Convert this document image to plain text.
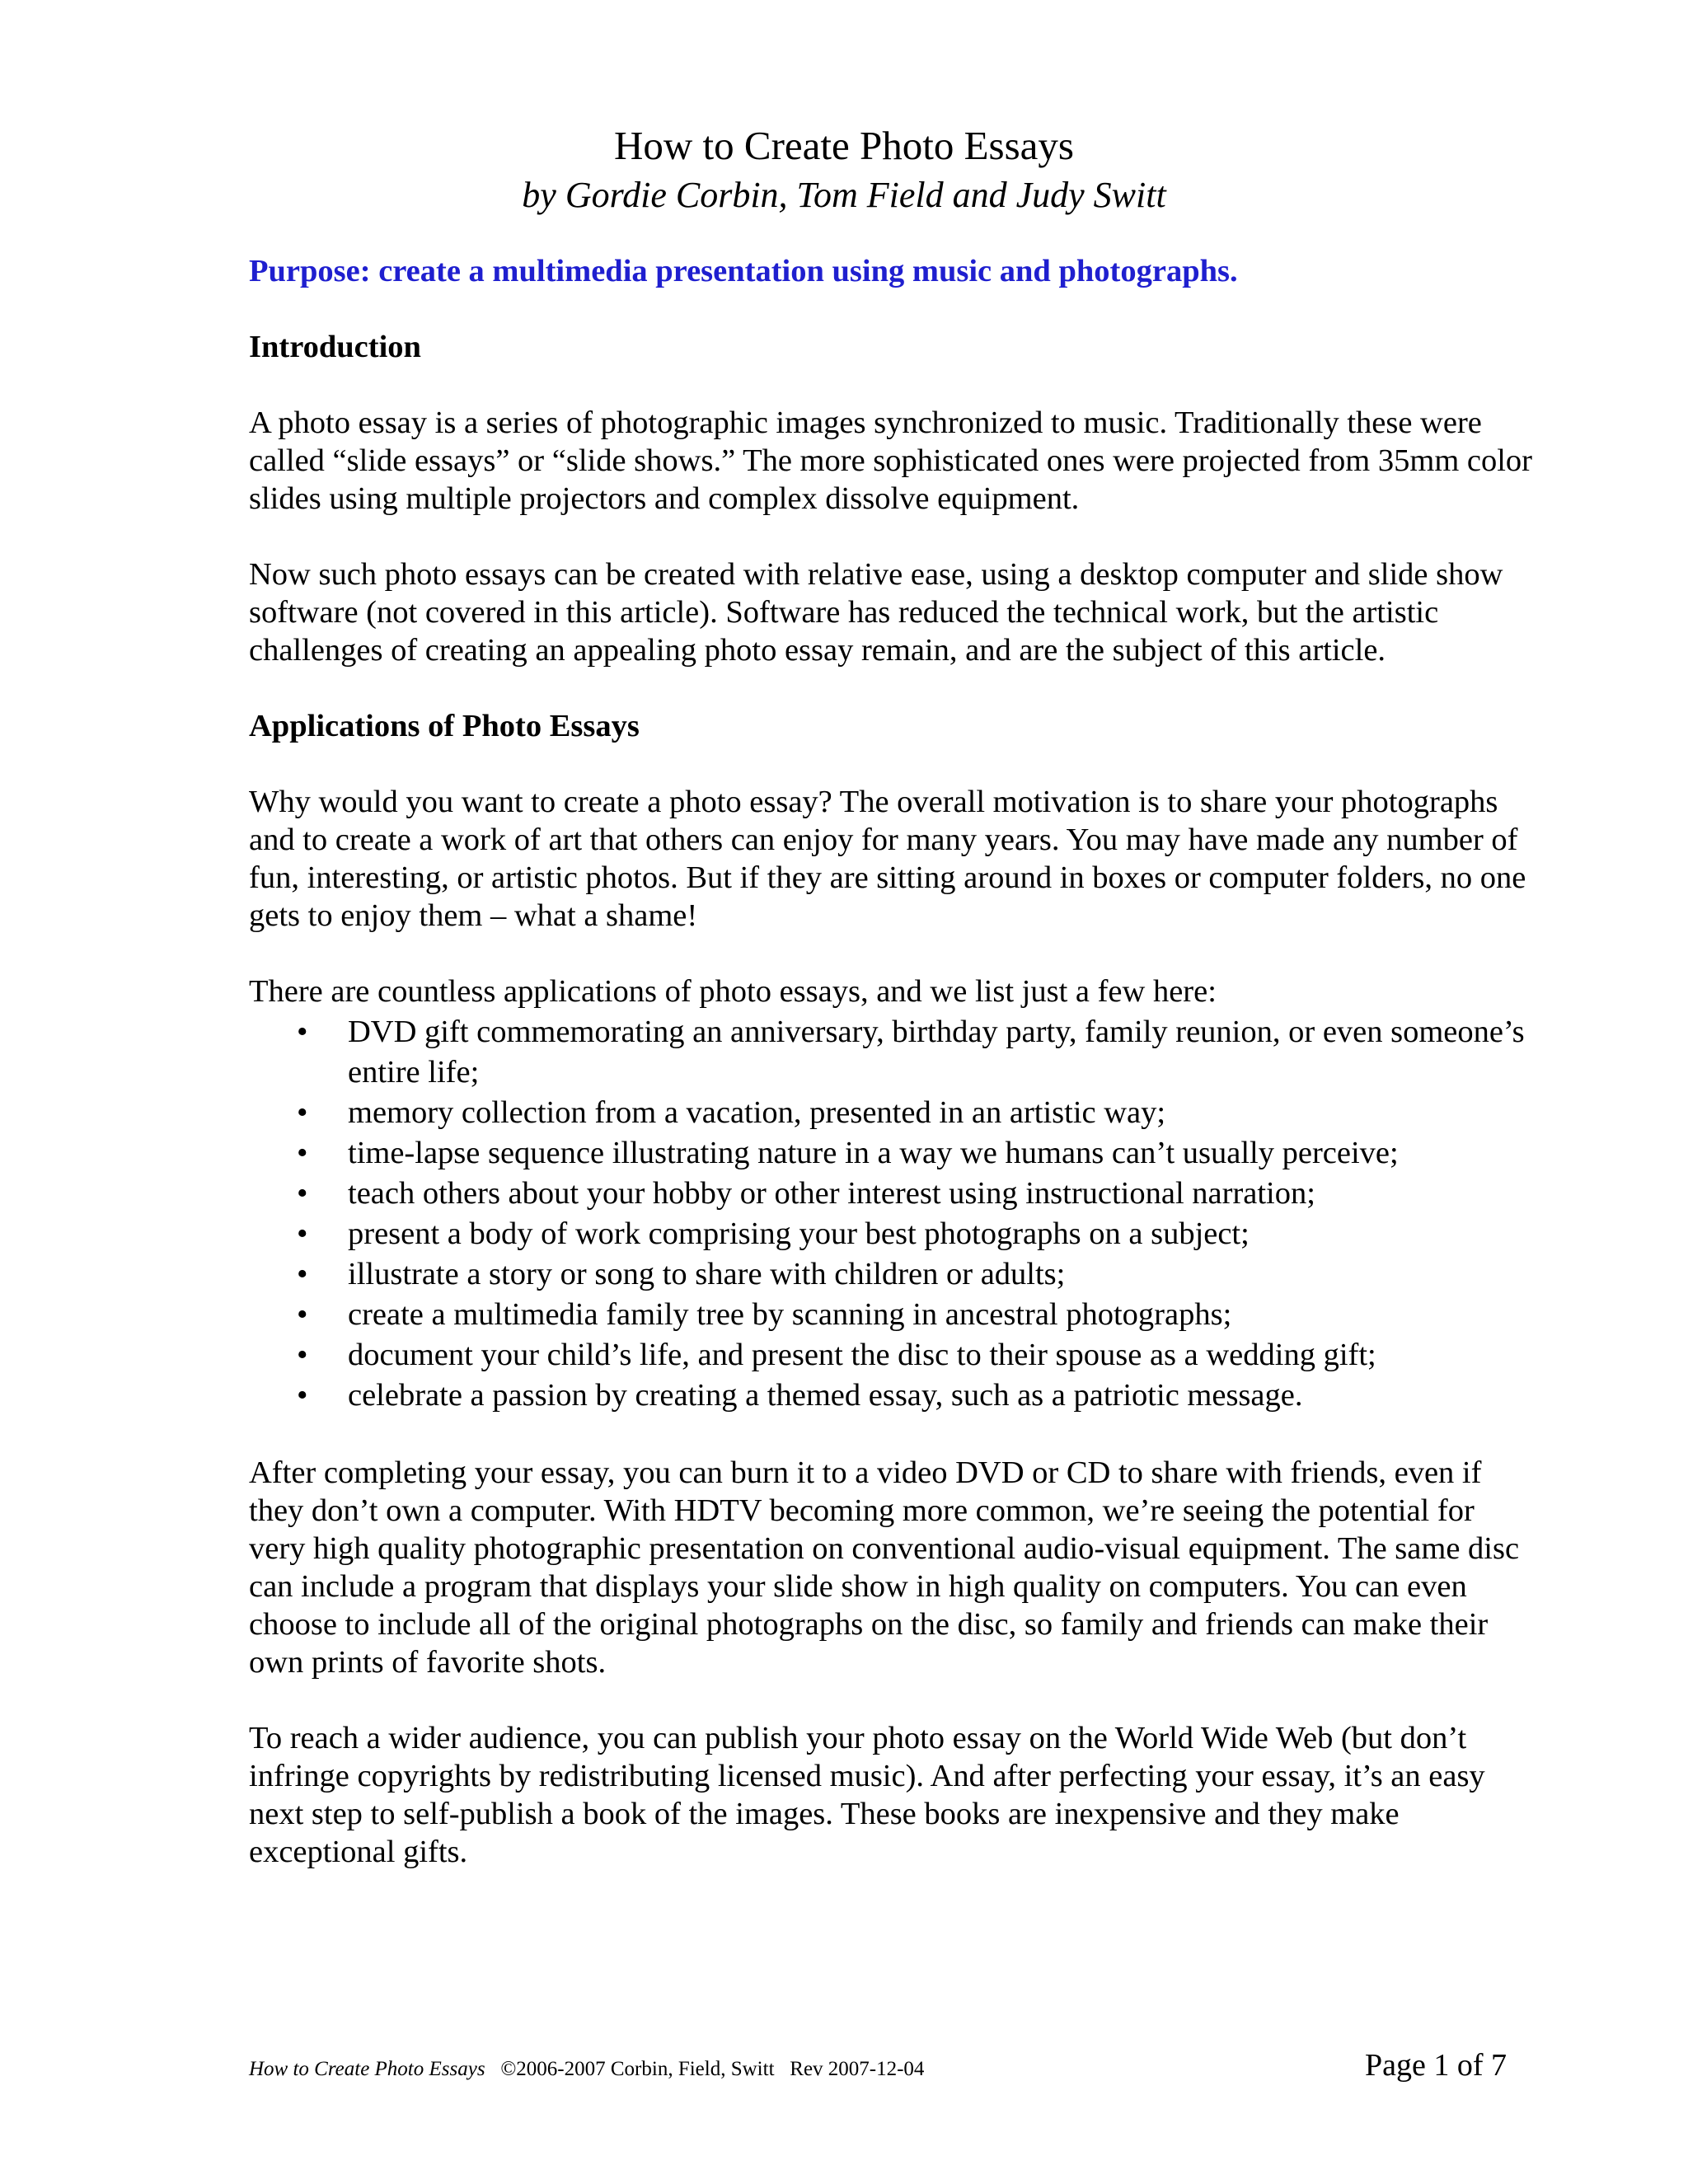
How to Create Photo Essays

by Gordie Corbin, Tom Field and Judy Switt

Purpose: create a multimedia presentation using music and photographs.

Introduction

A photo essay is a series of photographic images synchronized to music. Traditionally these were called “slide essays” or “slide shows.” The more sophisticated ones were projected from 35mm color slides using multiple projectors and complex dissolve equipment.

Now such photo essays can be created with relative ease, using a desktop computer and slide show software (not covered in this article). Software has reduced the technical work, but the artistic challenges of creating an appealing photo essay remain, and are the subject of this article.

Applications of Photo Essays

Why would you want to create a photo essay? The overall motivation is to share your photographs and to create a work of art that others can enjoy for many years. You may have made any number of fun, interesting, or artistic photos. But if they are sitting around in boxes or computer folders, no one gets to enjoy them – what a shame!

There are countless applications of photo essays, and we list just a few here:

• DVD gift commemorating an anniversary, birthday party, family reunion, or even someone’s entire life;
• memory collection from a vacation, presented in an artistic way;
• time-lapse sequence illustrating nature in a way we humans can’t usually perceive;
• teach others about your hobby or other interest using instructional narration;
• present a body of work comprising your best photographs on a subject;
• illustrate a story or song to share with children or adults;
• create a multimedia family tree by scanning in ancestral photographs;
• document your child’s life, and present the disc to their spouse as a wedding gift;
• celebrate a passion by creating a themed essay, such as a patriotic message.

After completing your essay, you can burn it to a video DVD or CD to share with friends, even if they don’t own a computer. With HDTV becoming more common, we’re seeing the potential for very high quality photographic presentation on conventional audio-visual equipment. The same disc can include a program that displays your slide show in high quality on computers. You can even choose to include all of the original photographs on the disc, so family and friends can make their own prints of favorite shots.

To reach a wider audience, you can publish your photo essay on the World Wide Web (but don’t infringe copyrights by redistributing licensed music). And after perfecting your essay, it’s an easy next step to self-publish a book of the images. These books are inexpensive and they make exceptional gifts.

How to Create Photo Essays ©2006-2007 Corbin, Field, Switt Rev 2007-12-04	Page 1 of 7
